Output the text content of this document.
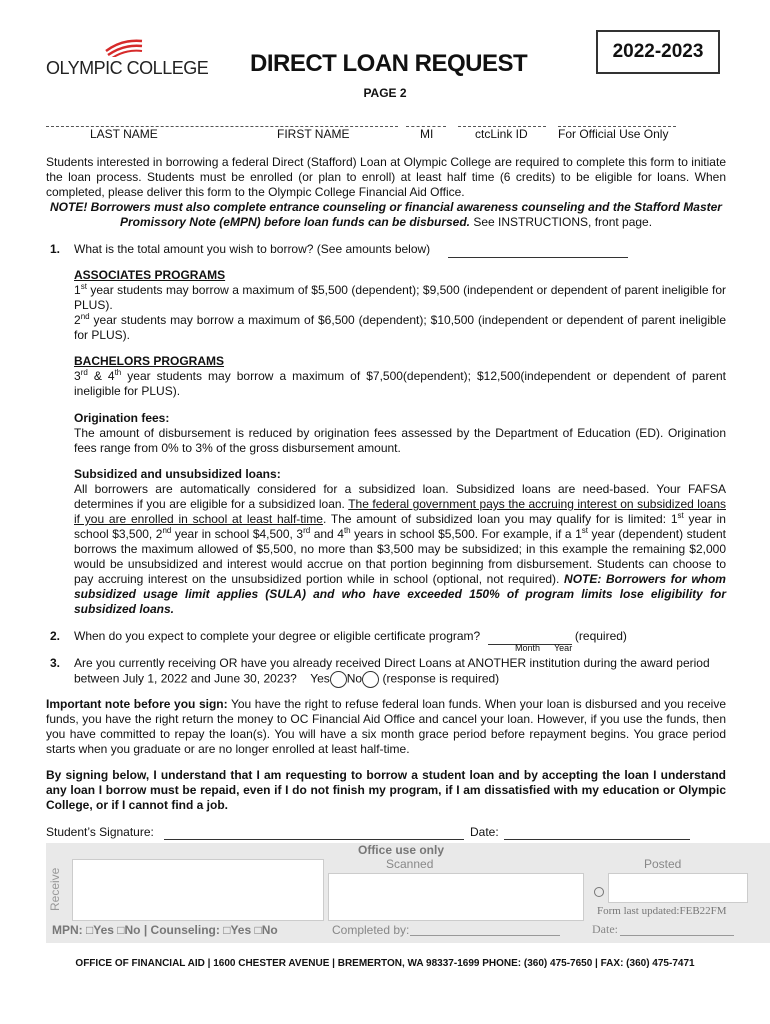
OLYMPIC COLLEGE DIRECT LOAN REQUEST	2022-2023
PAGE 2
LAST NAME	FIRST NAME	MI	ctcLink ID	For Official Use Only
Students interested in borrowing a federal Direct (Stafford) Loan at Olympic College are required to complete this form to initiate the loan process. Students must be enrolled (or plan to enroll) at least half time (6 credits) to be eligible for loans. When completed, please deliver this form to the Olympic College Financial Aid Office.
NOTE! Borrowers must also complete entrance counseling or financial awareness counseling and the Stafford Master Promissory Note (eMPN) before loan funds can be disbursed. See INSTRUCTIONS, front page.
1. What is the total amount you wish to borrow? (See amounts below)
ASSOCIATES PROGRAMS

1st year students may borrow a maximum of $5,500 (dependent); $9,500 (independent or dependent of parent ineligible for PLUS).
2nd year students may borrow a maximum of $6,500 (dependent); $10,500 (independent or dependent of parent ineligible for PLUS).
BACHELORS PROGRAMS
3rd & 4th year students may borrow a maximum of $7,500(dependent); $12,500(independent or dependent of parent ineligible for PLUS).
Origination fees:
The amount of disbursement is reduced by origination fees assessed by the Department of Education (ED). Origination fees range from 0% to 3% of the gross disbursement amount.
Subsidized and unsubsidized loans:
All borrowers are automatically considered for a subsidized loan. Subsidized loans are need-based. Your FAFSA determines if you are eligible for a subsidized loan. The federal government pays the accruing interest on subsidized loans if you are enrolled in school at least half-time. The amount of subsidized loan you may qualify for is limited: 1st year in school $3,500, 2nd year in school $4,500, 3rd and 4th years in school $5,500. For example, if a 1st year (dependent) student borrows the maximum allowed of $5,500, no more than $3,500 may be subsidized; in this example the remaining $2,000 would be unsubsidized and interest would accrue on that portion beginning from disbursement. Students can choose to pay accruing interest on the unsubsidized portion while in school (optional, not required). NOTE: Borrowers for whom subsidized usage limit applies (SULA) and who have exceeded 150% of program limits lose eligibility for subsidized loans.
2. When do you expect to complete your degree or eligible certificate program?	(required)
Month Year
3. Are you currently receiving OR have you already received Direct Loans at ANOTHER institution during the award period between July 1, 2022 and June 30, 2023? Yes No (response is required)
Important note before you sign: You have the right to refuse federal loan funds. When your loan is disbursed and you receive funds, you have the right return the money to OC Financial Aid Office and cancel your loan. However, if you use the funds, then you have committed to repay the loan(s). You will have a six month grace period before repayment begins. You grace period starts when you graduate or are no longer enrolled at least half-time.
By signing below, I understand that I am requesting to borrow a student loan and by accepting the loan I understand any loan I borrow must be repaid, even if I do not finish my program, if I am dissatisfied with my education or Olympic College, or if I cannot find a job.
Student’s Signature:	Date:
Office use only
Scanned	Posted
Receive
Form last updated:FEB22FM
MPN: □Yes □No | Counseling: □Yes □No	Completed by:	Date:
OFFICE OF FINANCIAL AID | 1600 CHESTER AVENUE | BREMERTON, WA 98337-1699 PHONE: (360) 475-7650 | FAX: (360) 475-7471
